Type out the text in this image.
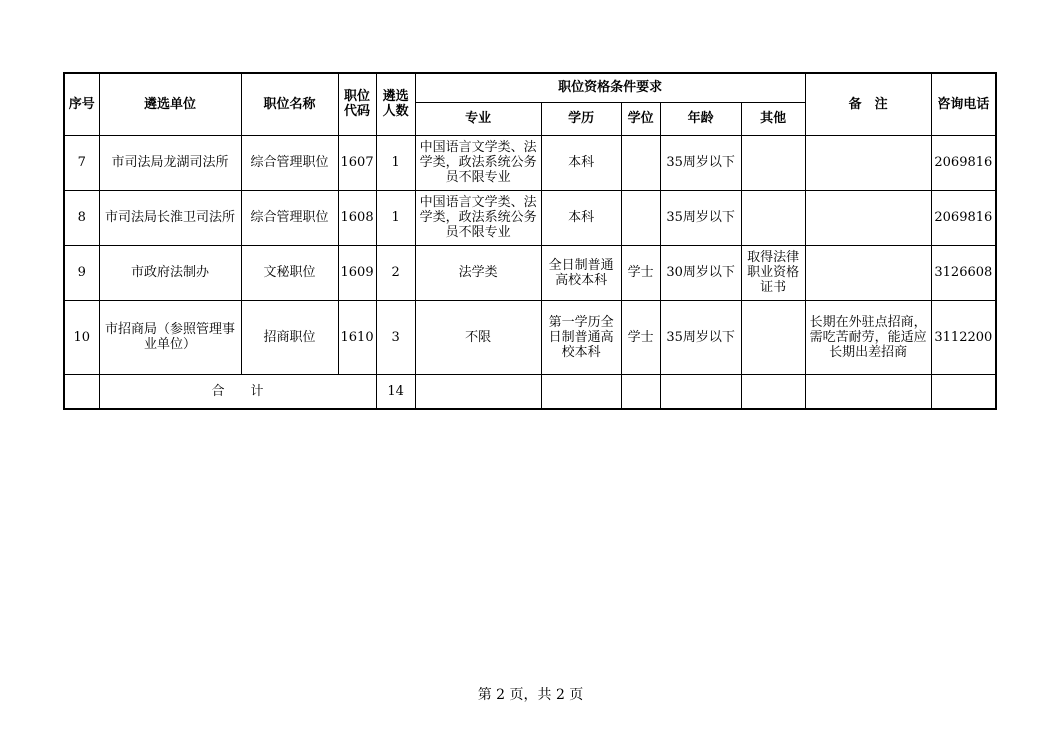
序号	遴选单位	职位名称	职位代码	遴选人数	职位资格条件要求					备　注	咨询电话
					专业	学历	学位	年龄	其他		
7	市司法局龙湖司法所	综合管理职位	1607	1	中国语言文学类、法学类，政法系统公务员不限专业	本科		35周岁以下			2069816
8	市司法局长淮卫司法所	综合管理职位	1608	1	中国语言文学类、法学类，政法系统公务员不限专业	本科		35周岁以下			2069816
9	市政府法制办	文秘职位	1609	2	法学类	全日制普通高校本科	学士	30周岁以下	取得法律职业资格证书		3126608
10	市招商局（参照管理事业单位）	招商职位	1610	3	不限	第一学历全日制普通高校本科	学士	35周岁以下		长期在外驻点招商，需吃苦耐劳，能适应长期出差招商	3112200
	合　　计			14							
第 2 页，共 2 页
